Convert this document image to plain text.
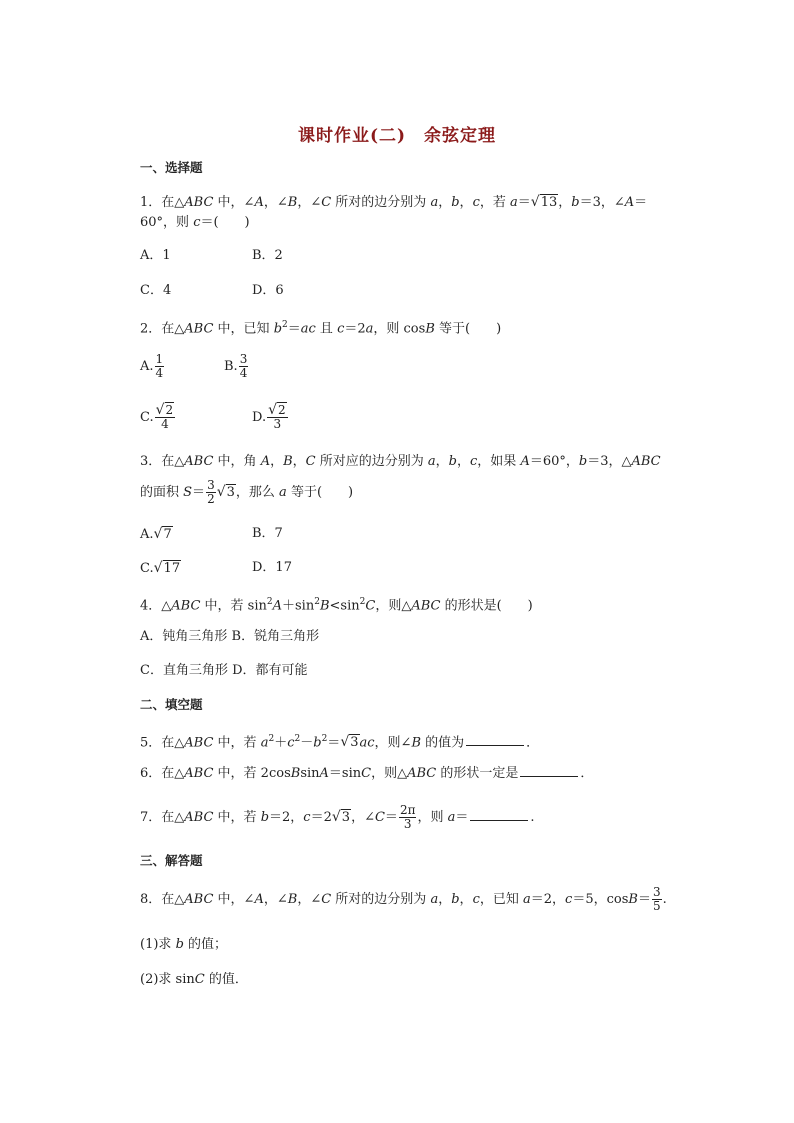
课时作业(二)　余弦定理
一、选择题
1．在△ABC 中，∠A，∠B，∠C 所对的边分别为 a，b，c，若 a＝√13，b＝3，∠A＝
60°，则 c＝(　　)
A．1	B．2
C．4	D．6
2．在△ABC 中，已知 $b^2=ac$ 且 c＝2a，则 cosB 等于(　　)
A. $\frac{1}{4}$	B. $\frac{3}{4}$
C. $\frac{√2}{4}$	D. $\frac{√2}{3}$
3．在△ABC 中，角 A，B，C 所对应的边分别为 a，b，c，如果 A＝60°，b＝3，△ABC
的面积 $S= \frac{3}{2} √3$，那么 a 等于(　　)
A.√7	B．7
C.√17	D．17
4．△ABC 中，若 $\sin^2A+\sin^2B<\sin^2C$，则△ABC 的形状是(　　)
A．钝角三角形 B．锐角三角形
C．直角三角形 D．都有可能
二、填空题
5．在△ABC 中，若 $a^2+c^2-b^2=√3ac$，则∠B 的值为	．
6．在△ABC 中，若 2cosBsinA＝sinC，则△ABC 的形状一定是	．
7．在△ABC 中，若 b＝2，c＝2√3，∠C＝ $\frac{2\pi}{3}$ ，则 a＝	.
三、解答题
8．在△ABC 中，∠A，∠B，∠C 所对的边分别为 a，b，c，已知 a＝2，c＝5，$\cos B= \frac{3}{5}$ .
(1)求 b 的值；
(2)求 sinC 的值．
